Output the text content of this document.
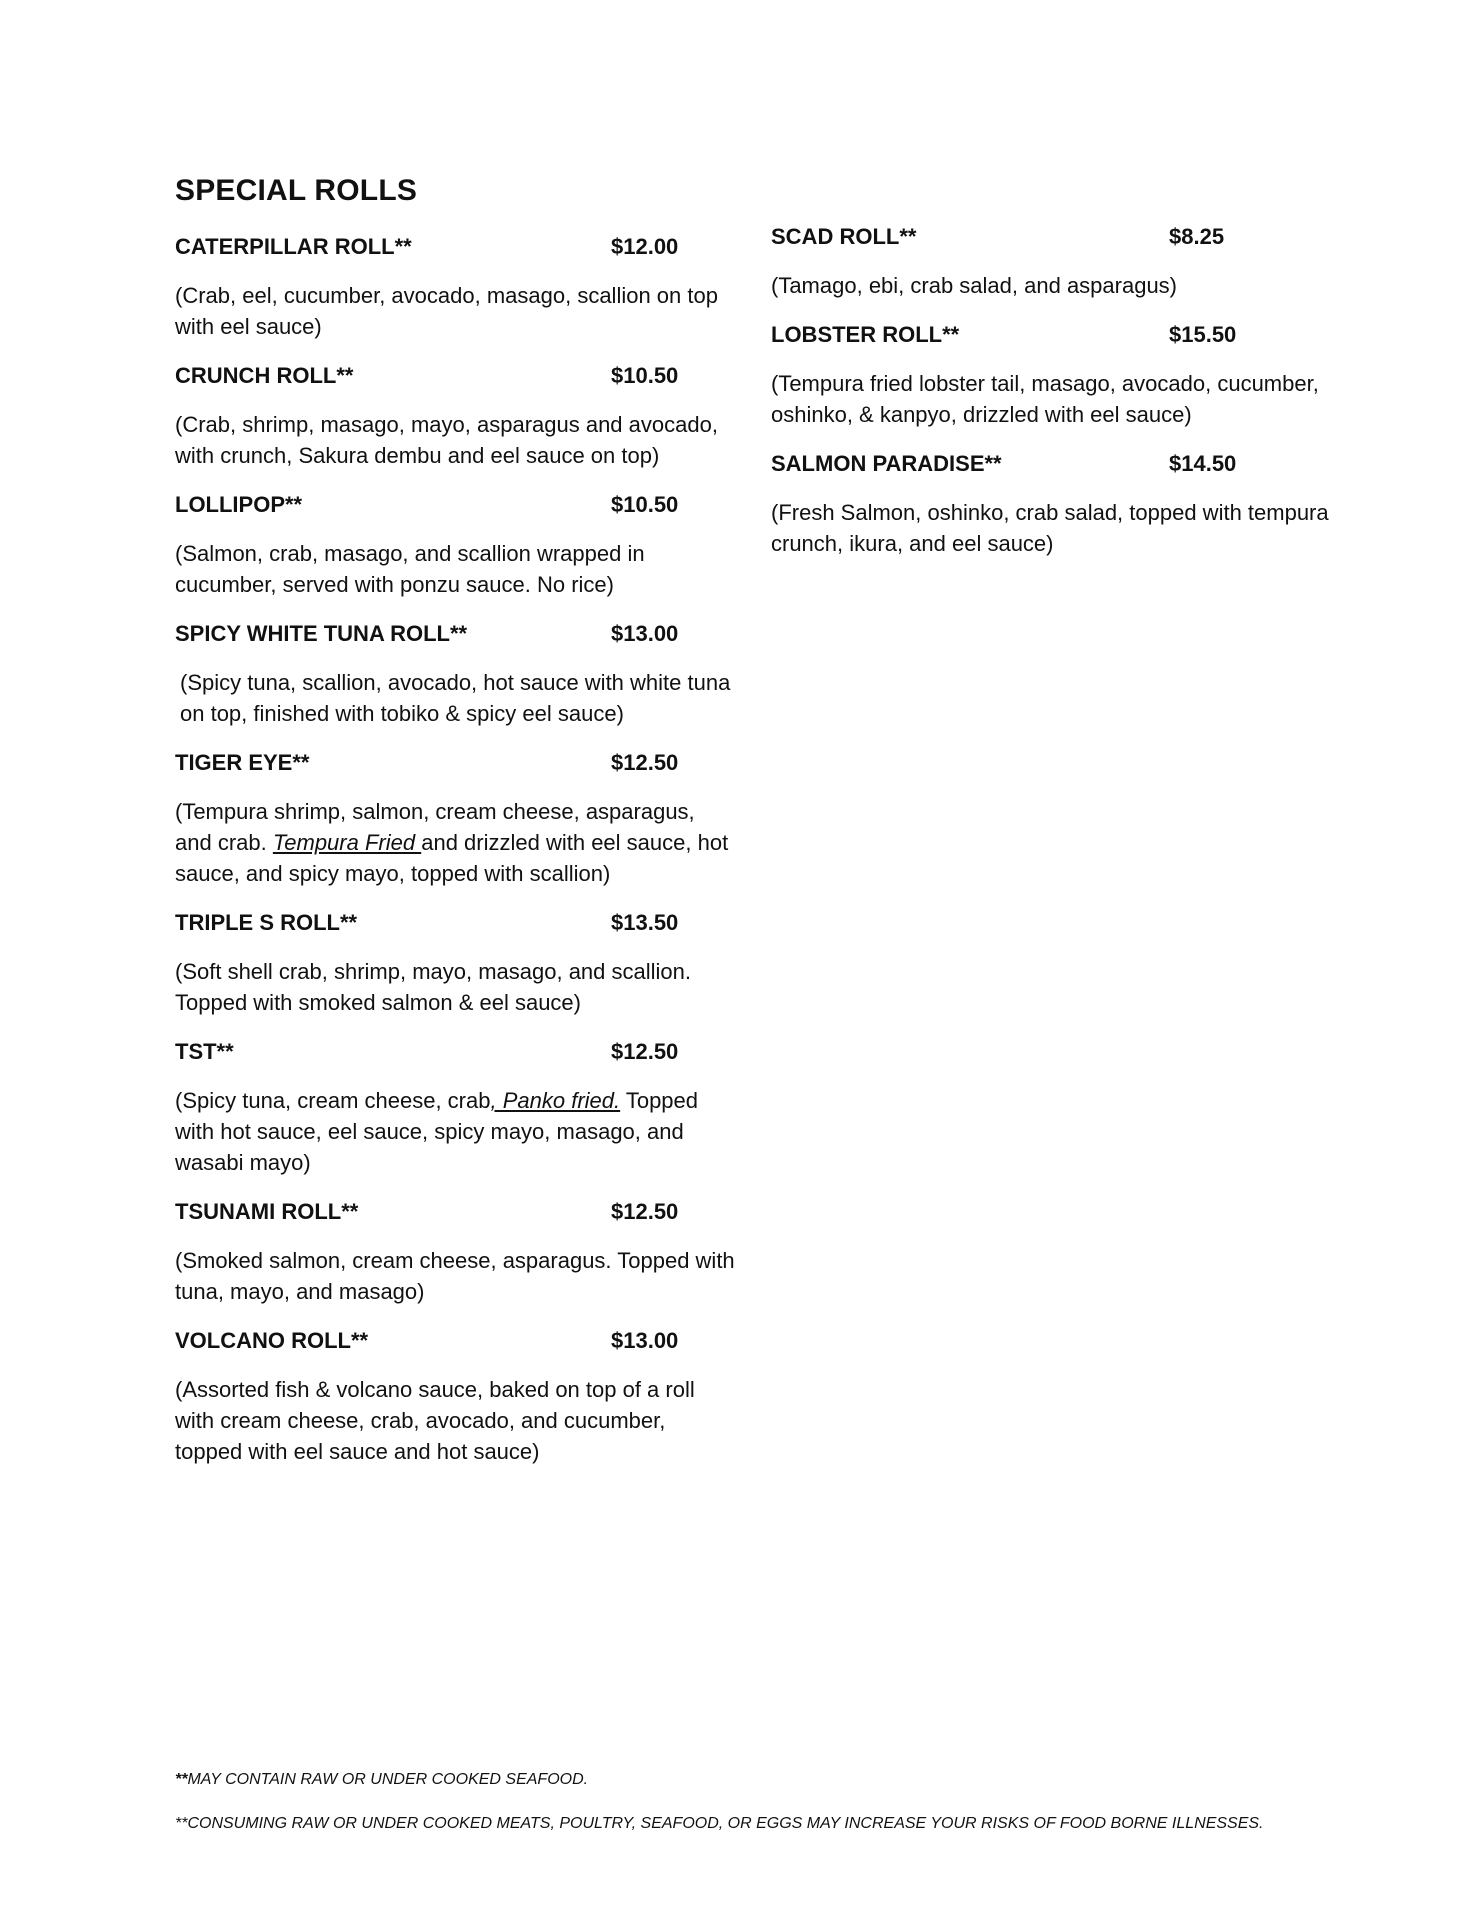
SPECIAL ROLLS
CATERPILLAR ROLL**	$12.00

(Crab, eel, cucumber, avocado, masago, scallion on top with eel sauce)

CRUNCH ROLL**	$10.50

(Crab, shrimp, masago, mayo, asparagus and avocado, with crunch, Sakura dembu and eel sauce on top)

LOLLIPOP**	$10.50

(Salmon, crab, masago, and scallion wrapped in cucumber, served with ponzu sauce. No rice)

SPICY WHITE TUNA ROLL**	$13.00

(Spicy tuna, scallion, avocado, hot sauce with white tuna on top, finished with tobiko & spicy eel sauce)

TIGER EYE**	$12.50

(Tempura shrimp, salmon, cream cheese, asparagus, and crab. Tempura Fried and drizzled with eel sauce, hot sauce, and spicy mayo, topped with scallion)

TRIPLE S ROLL**	$13.50

(Soft shell crab, shrimp, mayo, masago, and scallion. Topped with smoked salmon & eel sauce)

TST**	$12.50

(Spicy tuna, cream cheese, crab, Panko fried. Topped with hot sauce, eel sauce, spicy mayo, masago, and wasabi mayo)

TSUNAMI ROLL**	$12.50

(Smoked salmon, cream cheese, asparagus. Topped with tuna, mayo, and masago)

VOLCANO ROLL**	$13.00

(Assorted fish & volcano sauce, baked on top of a roll with cream cheese, crab, avocado, and cucumber, topped with eel sauce and hot sauce)

SCAD ROLL**	$8.25

(Tamago, ebi, crab salad, and asparagus)

LOBSTER ROLL**	$15.50

(Tempura fried lobster tail, masago, avocado, cucumber, oshinko, & kanpyo, drizzled with eel sauce)

SALMON PARADISE**	$14.50

(Fresh Salmon, oshinko, crab salad, topped with tempura crunch, ikura, and eel sauce)

**MAY CONTAIN RAW OR UNDER COOKED SEAFOOD.

**CONSUMING RAW OR UNDER COOKED MEATS, POULTRY, SEAFOOD, OR EGGS MAY INCREASE YOUR RISKS OF FOOD BORNE ILLNESSES.
